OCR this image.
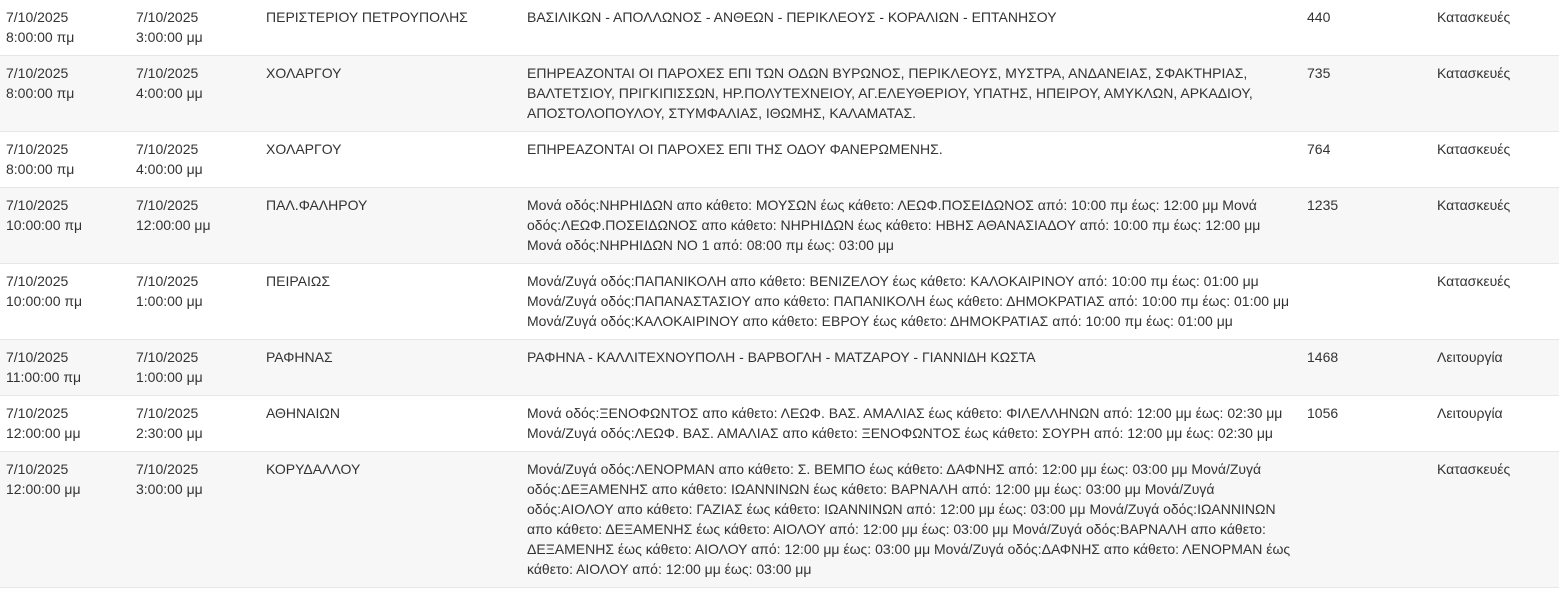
7/10/2025
8:00:00 πμ	7/10/2025
3:00:00 μμ	ΠΕΡΙΣΤΕΡΙΟΥ ΠΕΤΡΟΥΠΟΛΗΣ	ΒΑΣΙΛΙΚΩΝ - ΑΠΟΛΛΩΝΟΣ - ΑΝΘΕΩΝ - ΠΕΡΙΚΛΕΟΥΣ - ΚΟΡΑΛΙΩΝ - ΕΠΤΑΝΗΣΟΥ	440	Κατασκευές

7/10/2025
8:00:00 πμ	7/10/2025
4:00:00 μμ	ΧΟΛΑΡΓΟΥ	ΕΠΗΡΕΑΖΟΝΤΑΙ ΟΙ ΠΑΡΟΧΕΣ ΕΠΙ ΤΩΝ ΟΔΩΝ ΒΥΡΩΝΟΣ, ΠΕΡΙΚΛΕΟΥΣ, ΜΥΣΤΡΑ, ΑΝΔΑΝΕΙΑΣ, ΣΦΑΚΤΗΡΙΑΣ, ΒΑΛΤΕΤΣΙΟΥ, ΠΡΙΓΚΙΠΙΣΣΩΝ, ΗΡ.ΠΟΛΥΤΕΧΝΕΙΟΥ, ΑΓ.ΕΛΕΥΘΕΡΙΟΥ, ΥΠΑΤΗΣ, ΗΠΕΙΡΟΥ, ΑΜΥΚΛΩΝ, ΑΡΚΑΔΙΟΥ, ΑΠΟΣΤΟΛΟΠΟΥΛΟΥ, ΣΤΥΜΦΑΛΙΑΣ, ΙΘΩΜΗΣ, ΚΑΛΑΜΑΤΑΣ.	735	Κατασκευές

7/10/2025
8:00:00 πμ	7/10/2025
4:00:00 μμ	ΧΟΛΑΡΓΟΥ	ΕΠΗΡΕΑΖΟΝΤΑΙ ΟΙ ΠΑΡΟΧΕΣ ΕΠΙ ΤΗΣ ΟΔΟΥ ΦΑΝΕΡΩΜΕΝΗΣ.	764	Κατασκευές

7/10/2025
10:00:00 πμ	7/10/2025
12:00:00 μμ	ΠΑΛ.ΦΑΛΗΡΟΥ	Μονά οδός:ΝΗΡΗΙΔΩΝ απο κάθετο: ΜΟΥΣΩΝ έως κάθετο: ΛΕΩΦ.ΠΟΣΕΙΔΩΝΟΣ από: 10:00 πμ έως: 12:00 μμ Μονά οδός:ΛΕΩΦ.ΠΟΣΕΙΔΩΝΟΣ απο κάθετο: ΝΗΡΗΙΔΩΝ έως κάθετο: ΗΒΗΣ ΑΘΑΝΑΣΙΑΔΟΥ από: 10:00 πμ έως: 12:00 μμ Μονά οδός:ΝΗΡΗΙΔΩΝ ΝΟ 1 από: 08:00 πμ έως: 03:00 μμ	1235	Κατασκευές

7/10/2025
10:00:00 πμ	7/10/2025
1:00:00 μμ	ΠΕΙΡΑΙΩΣ	Μονά/Ζυγά οδός:ΠΑΠΑΝΙΚΟΛΗ απο κάθετο: ΒΕΝΙΖΕΛΟΥ έως κάθετο: ΚΑΛΟΚΑΙΡΙΝΟΥ από: 10:00 πμ έως: 01:00 μμ Μονά/Ζυγά οδός:ΠΑΠΑΝΑΣΤΑΣΙΟΥ απο κάθετο: ΠΑΠΑΝΙΚΟΛΗ έως κάθετο: ΔΗΜΟΚΡΑΤΙΑΣ από: 10:00 πμ έως: 01:00 μμ Μονά/Ζυγά οδός:ΚΑΛΟΚΑΙΡΙΝΟΥ απο κάθετο: ΕΒΡΟΥ έως κάθετο: ΔΗΜΟΚΡΑΤΙΑΣ από: 10:00 πμ έως: 01:00 μμ		Κατασκευές

7/10/2025
11:00:00 πμ	7/10/2025
1:00:00 μμ	ΡΑΦΗΝΑΣ	ΡΑΦΗΝΑ - ΚΑΛΛΙΤΕΧΝΟΥΠΟΛΗ - ΒΑΡΒΟΓΛΗ - ΜΑΤΖΑΡΟΥ - ΓΙΑΝΝΙΔΗ ΚΩΣΤΑ	1468	Λειτουργία

7/10/2025
12:00:00 μμ	7/10/2025
2:30:00 μμ	ΑΘΗΝΑΙΩΝ	Μονά οδός:ΞΕΝΟΦΩΝΤΟΣ απο κάθετο: ΛΕΩΦ. ΒΑΣ. ΑΜΑΛΙΑΣ έως κάθετο: ΦΙΛΕΛΛΗΝΩΝ από: 12:00 μμ έως: 02:30 μμ Μονά/Ζυγά οδός:ΛΕΩΦ. ΒΑΣ. ΑΜΑΛΙΑΣ απο κάθετο: ΞΕΝΟΦΩΝΤΟΣ έως κάθετο: ΣΟΥΡΗ από: 12:00 μμ έως: 02:30 μμ	1056	Λειτουργία

7/10/2025
12:00:00 μμ	7/10/2025
3:00:00 μμ	ΚΟΡΥΔΑΛΛΟΥ	Μονά/Ζυγά οδός:ΛΕΝΟΡΜΑΝ απο κάθετο: Σ. ΒΕΜΠΟ έως κάθετο: ΔΑΦΝΗΣ από: 12:00 μμ έως: 03:00 μμ Μονά/Ζυγά οδός:ΔΕΞΑΜΕΝΗΣ απο κάθετο: ΙΩΑΝΝΙΝΩΝ έως κάθετο: ΒΑΡΝΑΛΗ από: 12:00 μμ έως: 03:00 μμ Μονά/Ζυγά οδός:ΑΙΟΛΟΥ απο κάθετο: ΓΑΖΙΑΣ έως κάθετο: ΙΩΑΝΝΙΝΩΝ από: 12:00 μμ έως: 03:00 μμ Μονά/Ζυγά οδός:ΙΩΑΝΝΙΝΩΝ απο κάθετο: ΔΕΞΑΜΕΝΗΣ έως κάθετο: ΑΙΟΛΟΥ από: 12:00 μμ έως: 03:00 μμ Μονά/Ζυγά οδός:ΒΑΡΝΑΛΗ απο κάθετο: ΔΕΞΑΜΕΝΗΣ έως κάθετο: ΑΙΟΛΟΥ από: 12:00 μμ έως: 03:00 μμ Μονά/Ζυγά οδός:ΔΑΦΝΗΣ απο κάθετο: ΛΕΝΟΡΜΑΝ έως κάθετο: ΑΙΟΛΟΥ από: 12:00 μμ έως: 03:00 μμ		Κατασκευές
